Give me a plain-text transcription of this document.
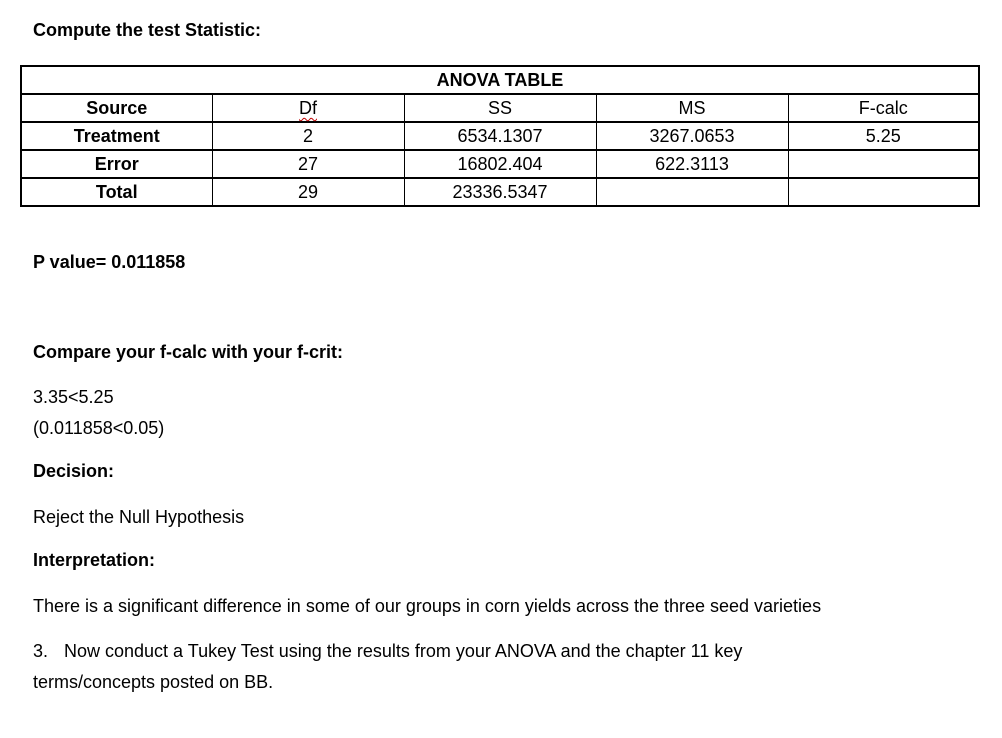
Compute the test Statistic:
ANOVA TABLE				
Source	Df	SS	MS	F-calc
Treatment	2	6534.1307	3267.0653	5.25
Error	27	16802.404	622.3113	
Total	29	23336.5347		
P value= 0.011858
Compare your f-calc with your f-crit:
3.35<5.25
(0.011858<0.05)
Decision:
Reject the Null Hypothesis
Interpretation:
There is a significant difference in some of our groups in corn yields across the three seed varieties
3. Now conduct a Tukey Test using the results from your ANOVA and the chapter 11 key
terms/concepts posted on BB.
